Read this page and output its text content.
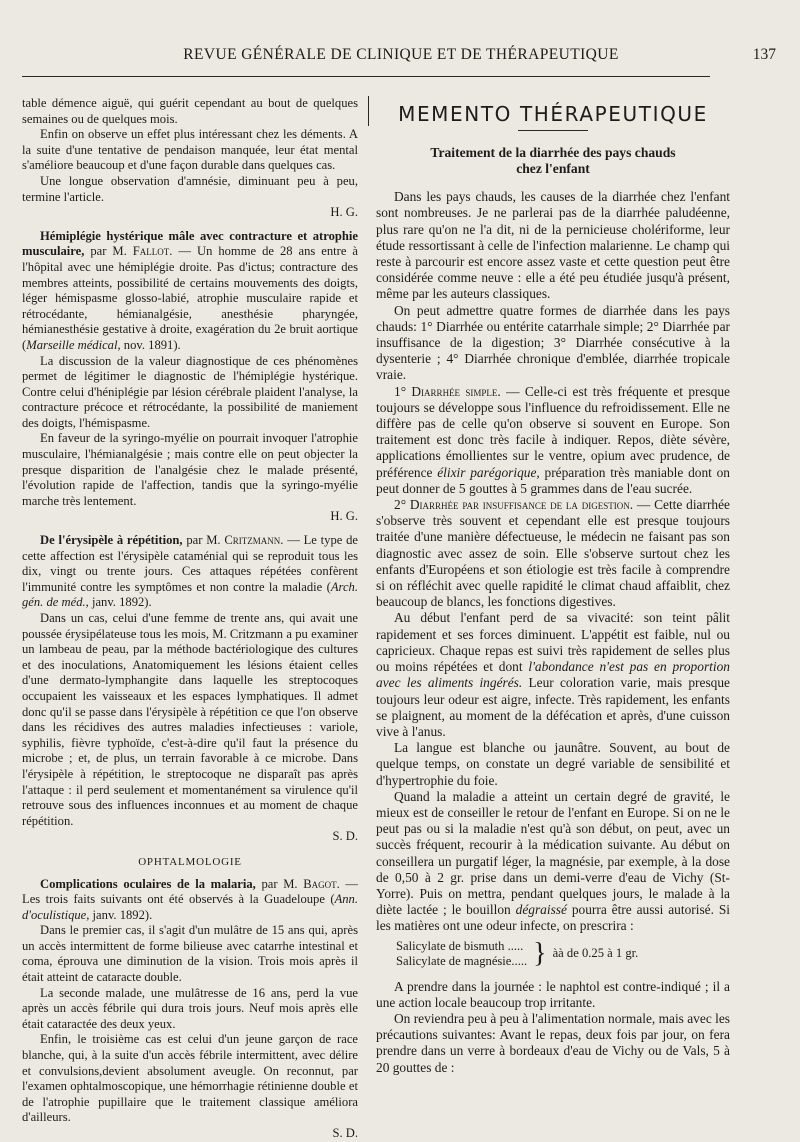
REVUE GÉNÉRALE DE CLINIQUE ET DE THÉRAPEUTIQUE	137

table démence aiguë, qui guérit cependant au bout de quelques semaines ou de quelques mois.

Enfin on observe un effet plus intéressant chez les déments. A la suite d'une tentative de pendaison manquée, leur état mental s'améliore beaucoup et d'une façon durable dans quelques cas.

Une longue observation d'amnésie, diminuant peu à peu, termine l'article.

H. G.

Hémiplégie hystérique mâle avec contracture et atrophie musculaire, par M. Fallot. — Un homme de 28 ans entre à l'hôpital avec une hémiplégie droite. Pas d'ictus; contracture des membres atteints, possibilité de certains mouvements des doigts, léger hémispasme glosso-labié, atrophie musculaire rapide et rétrocédante, hémianalgésie, anesthésie pharyngée, hémianesthésie gestative à droite, exagération du 2e bruit aortique (Marseille médical, nov. 1891).

La discussion de la valeur diagnostique de ces phénomènes permet de légitimer le diagnostic de l'hémiplégie hystérique. Contre celui d'héniplégie par lésion cérébrale plaident l'analyse, la contracture précoce et rétrocédante, la possibilité de maniement des doigts, l'hémispasme.

En faveur de la syringo-myélie on pourrait invoquer l'atrophie musculaire, l'hémianalgésie ; mais contre elle on peut objecter la presque disparition de l'analgésie chez le malade présenté, l'évolution rapide de l'affection, tandis que la syringo-myélie marche très lentement.

H. G.

De l'érysipèle à répétition, par M. Critzmann. — Le type de cette affection est l'érysipèle cataménial qui se reproduit tous les dix, vingt ou trente jours. Ces attaques répétées confèrent l'immunité contre les symptômes et non contre la maladie (Arch. gén. de méd., janv. 1892).

Dans un cas, celui d'une femme de trente ans, qui avait une poussée érysipélateuse tous les mois, M. Critzmann a pu examiner un lambeau de peau, par la méthode bactériologique des cultures et des inoculations, Anatomiquement les lésions étaient celles d'une dermato-lymphangite dans laquelle les streptocoques occupaient les vaisseaux et les espaces lymphatiques. Il admet donc qu'il se passe dans l'érysipèle à répétition ce que l'on observe dans les récidives des autres maladies infectieuses : variole, syphilis, fièvre typhoïde, c'est-à-dire qu'il faut la présence du microbe ; et, de plus, un terrain favorable à ce microbe. Dans l'érysipèle à répétition, le streptocoque ne disparaît pas après l'attaque : il perd seulement et momentanément sa virulence qu'il retrouve sous des influences inconnues et au moment de chaque répétition.

S. D.

OPHTALMOLOGIE

Complications oculaires de la malaria, par M. Bagot. — Les trois faits suivants ont été observés à la Guadeloupe (Ann. d'oculistique, janv. 1892).

Dans le premier cas, il s'agit d'un mulâtre de 15 ans qui, après un accès intermittent de forme bilieuse avec catarrhe intestinal et coma, éprouva une diminution de la vision. Trois mois après il était atteint de cataracte double.

La seconde malade, une mulâtresse de 16 ans, perd la vue après un accès fébrile qui dura trois jours. Neuf mois après elle était cataractée des deux yeux.

Enfin, le troisième cas est celui d'un jeune garçon de race blanche, qui, à la suite d'un accès fébrile intermittent, avec délire et convulsions,devient absolument aveugle. On reconnut, par l'examen ophtalmoscopique, une hémorrhagie rétinienne double et de l'atrophie pupillaire que le traitement classique améliora d'ailleurs.

S. D.

MEMENTO THÉRAPEUTIQUE
Traitement de la diarrhée des pays chauds
chez l'enfant

Dans les pays chauds, les causes de la diarrhée chez l'enfant sont nombreuses. Je ne parlerai pas de la diarrhée paludéenne, plus rare qu'on ne l'a dit, ni de la pernicieuse cholériforme, leur étude ressortissant à celle de l'infection malarienne. Le champ qui reste à parcourir est encore assez vaste et cette question peut être considérée comme neuve : elle a été peu étudiée jusqu'à présent, même par les auteurs classiques.

On peut admettre quatre formes de diarrhée dans les pays chauds: 1° Diarrhée ou entérite catarrhale simple; 2° Diarrhée par insuffisance de la digestion; 3° Diarrhée consécutive à la dysenterie ; 4° Diarrhée chronique d'emblée, diarrhée tropicale vraie.

1° Diarrhée simple. — Celle-ci est très fréquente et presque toujours se développe sous l'influence du refroidissement. Elle ne diffère pas de celle qu'on observe si souvent en Europe. Son traitement est donc très facile à indiquer. Repos, diète sévère, applications émollientes sur le ventre, opium avec prudence, de préférence élixir parégorique, préparation très maniable dont on peut donner de 5 gouttes à 5 grammes dans de l'eau sucrée.

2° Diarrhée par insuffisance de la digestion. — Cette diarrhée s'observe très souvent et cependant elle est presque toujours traitée d'une manière défectueuse, le médecin ne faisant pas son diagnostic avec assez de soin. Elle s'observe surtout chez les enfants d'Européens et son étiologie est très facile à comprendre si on réfléchit avec quelle rapidité le climat chaud affaiblit, chez beaucoup de blancs, les fonctions digestives.

Au début l'enfant perd de sa vivacité: son teint pâlit rapidement et ses forces diminuent. L'appétit est faible, nul ou capricieux. Chaque repas est suivi très rapidement de selles plus ou moins répétées et dont l'abondance n'est pas en proportion avec les aliments ingérés. Leur coloration varie, mais presque toujours leur odeur est aigre, infecte. Très rapidement, les enfants se plaignent, au moment de la défécation et après, d'une cuisson vive à l'anus.

La langue est blanche ou jaunâtre. Souvent, au bout de quelque temps, on constate un degré variable de sensibilité et d'hypertrophie du foie.

Quand la maladie a atteint un certain degré de gravité, le mieux est de conseiller le retour de l'enfant en Europe. Si on ne le peut pas ou si la maladie n'est qu'à son début, on peut, avec un succès fréquent, recourir à la médication suivante. Au début on conseillera un purgatif léger, la magnésie, par exemple, à la dose de 0,50 à 2 gr. prise dans un demi-verre d'eau de Vichy (St-Yorre). Puis on mettra, pendant quelques jours, le malade à la diète lactée ; le bouillon dégraissé pourra être aussi autorisé. Si les matières ont une odeur infecte, on prescrira :

Salicylate de bismuth .....
Salicylate de magnésie..... } àà de 0.25 à 1 gr.

A prendre dans la journée : le naphtol est contre-indiqué ; il a une action locale beaucoup trop irritante.

On reviendra peu à peu à l'alimentation normale, mais avec les précautions suivantes: Avant le repas, deux fois par jour, on fera prendre dans un verre à bordeaux d'eau de Vichy ou de Vals, 5 à 20 gouttes de :
